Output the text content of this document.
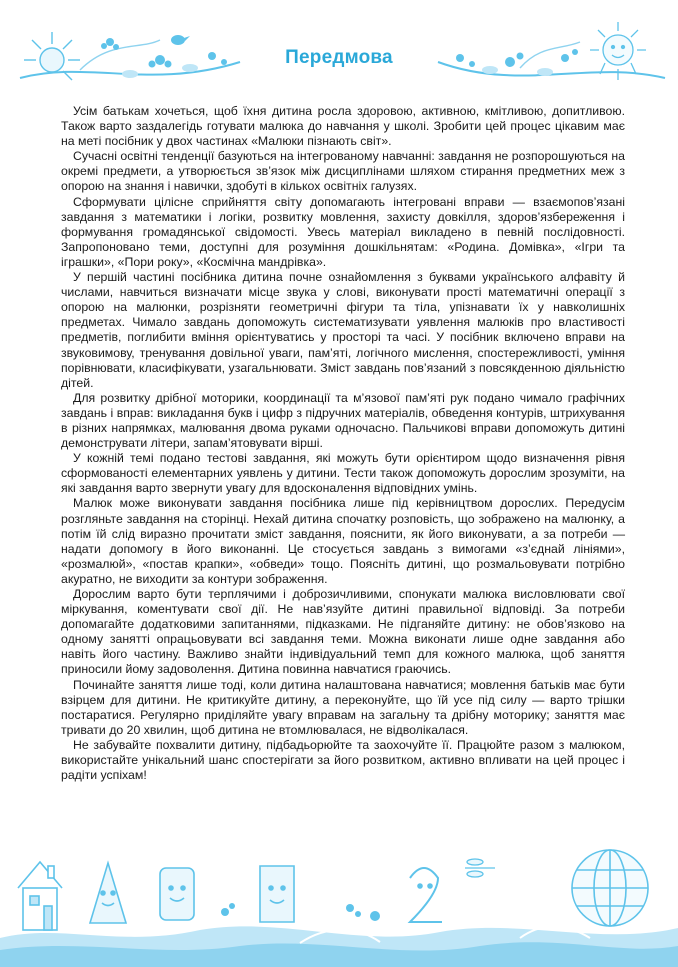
Передмова

Усім батькам хочеться, щоб їхня дитина росла здоровою, активною, кмітливою, допитливою. Також варто заздалегідь готувати малюка до навчання у школі. Зробити цей процес цікавим має на меті посібник у двох частинах «Малюки пізнають світ».

Сучасні освітні тенденції базуються на інтегрованому навчанні: завдання не розпорошуються на окремі предмети, а утворюється зв’язок між дисциплінами шляхом стирання предметних меж з опорою на знання і навички, здобуті в кількох освітніх галузях.

Сформувати цілісне сприйняття світу допомагають інтегровані вправи — взаємопов’язані завдання з математики і логіки, розвитку мовлення, захисту довкілля, здоров’язбереження і формування громадянської свідомості. Увесь матеріал викладено в певній послідовності. Запропоновано теми, доступні для розуміння дошкільнятам: «Родина. Домівка», «Ігри та іграшки», «Пори року», «Космічна мандрівка».

У першій частині посібника дитина почне ознайомлення з буквами українського алфавіту й числами, навчиться визначати місце звука у слові, виконувати прості математичні операції з опорою на малюнки, розрізняти геометричні фігури та тіла, упізнавати їх у навколишніх предметах. Чимало завдань допоможуть систематизувати уявлення малюків про властивості предметів, поглибити вміння орієнтуватись у просторі та часі. У посібник включено вправи на звуковимову, тренування довільної уваги, пам’яті, логічного мислення, спостережливості, уміння порівнювати, класифікувати, узагальнювати. Зміст завдань пов’язаний з повсякденною діяльністю дітей.

Для розвитку дрібної моторики, координації та м’язової пам’яті рук подано чимало графічних завдань і вправ: викладання букв і цифр з підручних матеріалів, обведення контурів, штрихування в різних напрямках, малювання двома руками одночасно. Пальчикові вправи допоможуть дитині демонструвати літери, запам’ятовувати вірші.

У кожній темі подано тестові завдання, які можуть бути орієнтиром щодо визначення рівня сформованості елементарних уявлень у дитини. Тести також допоможуть дорослим зрозуміти, на які завдання варто звернути увагу для вдосконалення відповідних умінь.

Малюк може виконувати завдання посібника лише під керівництвом дорослих. Передусім розгляньте завдання на сторінці. Нехай дитина спочатку розповість, що зображено на малюнку, а потім їй слід виразно прочитати зміст завдання, пояснити, як його виконувати, а за потреби — надати допомогу в його виконанні. Це стосується завдань з вимогами «з’єднай лініями», «розмалюй», «постав крапки», «обведи» тощо. Поясніть дитині, що розмальовувати потрібно акуратно, не виходити за контури зображення.

Дорослим варто бути терплячими і доброзичливими, спонукати малюка висловлювати свої міркування, коментувати свої дії. Не нав’язуйте дитині правильної відповіді. За потреби допомагайте додатковими запитаннями, підказками. Не підганяйте дитину: не обов’язково на одному занятті опрацьовувати всі завдання теми. Можна виконати лише одне завдання або навіть його частину. Важливо знайти індивідуальний темп для кожного малюка, щоб заняття приносили йому задоволення. Дитина повинна навчатися граючись.

Починайте заняття лише тоді, коли дитина налаштована навчатися; мовлення батьків має бути взірцем для дитини. Не критикуйте дитину, а переконуйте, що їй усе під силу — варто трішки постаратися. Регулярно приділяйте увагу вправам на загальну та дрібну моторику; заняття має тривати до 20 хвилин, щоб дитина не втомлювалася, не відволікалася.

Не забувайте похвалити дитину, підбадьорюйте та заохочуйте її. Працюйте разом з малюком, використайте унікальний шанс спостерігати за його розвитком, активно впливати на цей процес і радіти успіхам!
